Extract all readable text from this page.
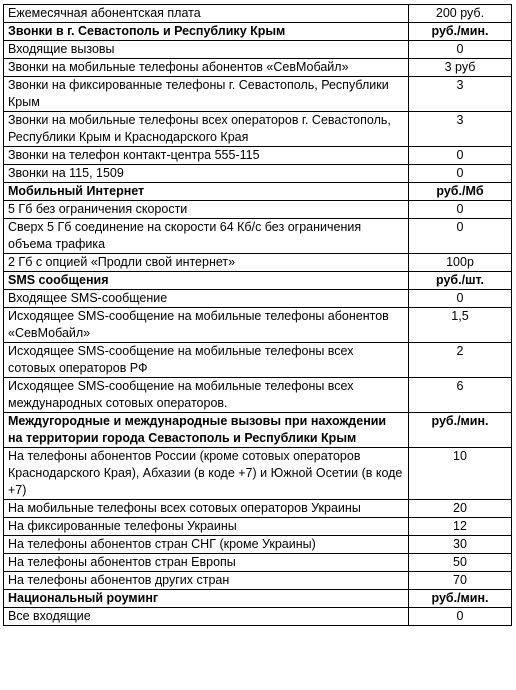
Ежемесячная абонентская плата	200 руб.
Звонки в г. Севастополь и Республику Крым	руб./мин.
Входящие вызовы	0
Звонки на мобильные телефоны абонентов «СевМобайл»	3 руб
Звонки на фиксированные телефоны г. Севастополь, Республики Крым	3
Звонки на мобильные телефоны всех операторов г. Севастополь, Республики Крым и Краснодарского Края	3
Звонки на телефон контакт-центра 555-115	0
Звонки на 115, 1509	0
Мобильный Интернет	руб./Мб
5 Гб без ограничения скорости	0
Сверх 5 Гб соединение на скорости 64 Кб/с без ограничения объема трафика	0
2 Гб с опцией «Продли свой интернет»	100р
SMS сообщения	руб./шт.
Входящее SMS-сообщение	0
Исходящее SMS-сообщение на мобильные телефоны абонентов «СевМобайл»	1,5
Исходящее SMS-сообщение на мобильные телефоны всех сотовых операторов РФ	2
Исходящее SMS-сообщение на мобильные телефоны всех международных сотовых операторов.	6
Междугородные и международные вызовы при нахождении на территории города Севастополь и Республики Крым	руб./мин.
На телефоны абонентов России (кроме сотовых операторов Краснодарского Края), Абхазии (в коде +7) и Южной Осетии (в коде +7)	10
На мобильные телефоны всех сотовых операторов Украины	20
На фиксированные телефоны Украины	12
На телефоны абонентов стран СНГ (кроме Украины)	30
На телефоны абонентов стран Европы	50
На телефоны абонентов других стран	70
Национальный роуминг	руб./мин.
Все входящие	0
